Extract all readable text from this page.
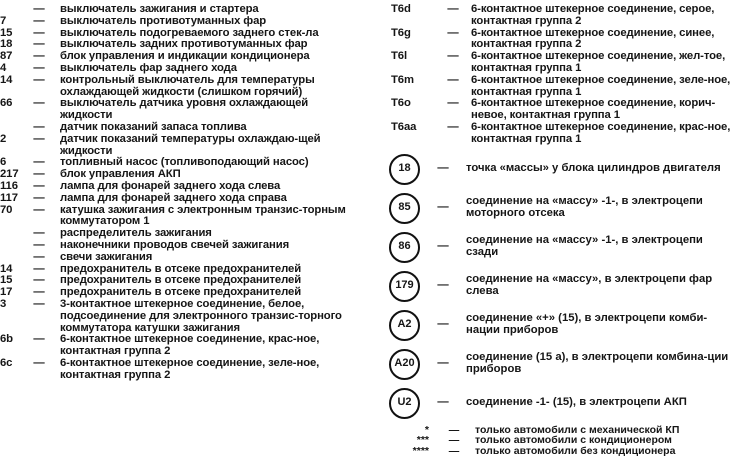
—	выключатель зажигания и стартера
7	—	выключатель противотуманных фар
15	—	выключатель подогреваемого заднего стек-ла
18	—	выключатель задних противотуманных фар
87	—	блок управления и индикации кондиционера
4	—	выключатель фар заднего хода
14	—	контрольный выключатель для температуры охлаждающей жидкости (слишком горячий)
66	—	выключатель датчика уровня охлаждающей жидкости
—	датчик показаний запаса топлива
2	—	датчик показаний температуры охлаждаю-щей жидкости
6	—	топливный насос (топливоподающий насос)
217	—	блок управления АКП
116	—	лампа для фонарей заднего хода слева
117	—	лампа для фонарей заднего хода справа
70	—	катушка зажигания с электронным транзис-торным коммутатором 1
—	распределитель зажигания
—	наконечники проводов свечей зажигания
—	свечи зажигания
14	—	предохранитель в отсеке предохранителей
15	—	предохранитель в отсеке предохранителей
17	—	предохранитель в отсеке предохранителей
3	—	3-контактное штекерное соединение, белое, подсоединение для электронного транзис-торного коммутатора катушки зажигания
6b	—	6-контактное штекерное соединение, крас-ное, контактная группа 2
6c	—	6-контактное штекерное соединение, зеле-ное, контактная группа 2
T6d	—	6-контактное штекерное соединение, серое, контактная группа 2
T6g	—	6-контактное штекерное соединение, синее, контактная группа 2
T6l	—	6-контактное штекерное соединение, жел-тое, контактная группа 1
T6m	—	6-контактное штекерное соединение, зеле-ное, контактная группа 1
T6o	—	6-контактное штекерное соединение, корич-невое, контактная группа 1
T6aa	—	6-контактное штекерное соединение, крас-ное, контактная группа 1
18	—	точка «массы» у блока цилиндров двигателя
85	—	соединение на «массу» -1-, в электроцепи моторного отсека
86	—	соединение на «массу» -1-, в электроцепи сзади
179	—	соединение на «массу», в электроцепи фар слева
A2	—	соединение «+» (15), в электроцепи комби-нации приборов
A20	—	соединение (15 а), в электроцепи комбина-ции приборов
U2	—	соединение -1- (15), в электроцепи АКП
*	—	только автомобили с механической КП
***	—	только автомобили с кондиционером
****	—	только автомобили без кондиционера
